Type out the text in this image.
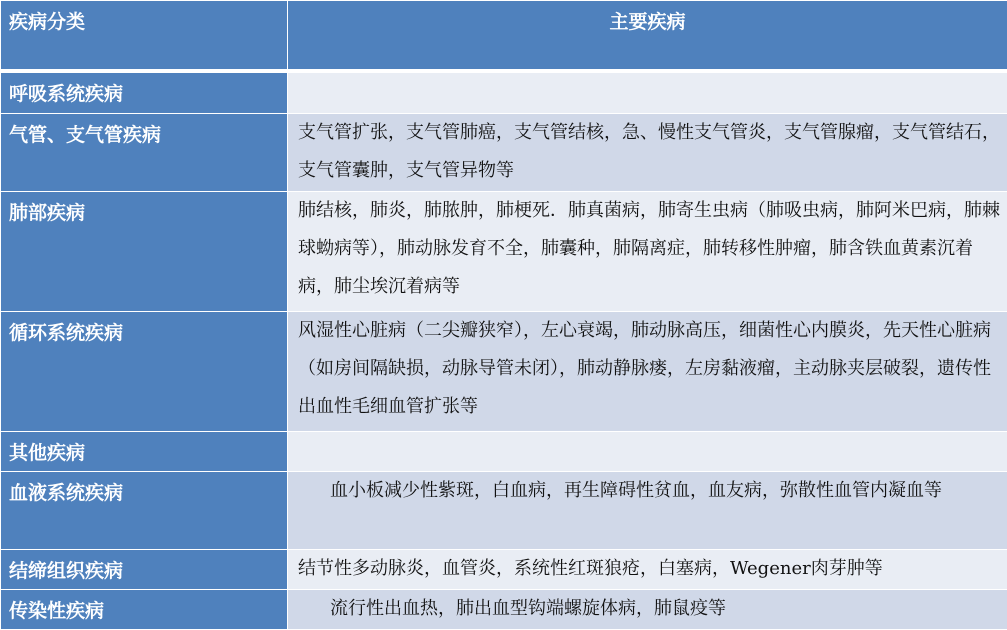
疾病分类	主要疾病

呼吸系统疾病	
气管、支气管疾病	支气管扩张，支气管肺癌，支气管结核，急、慢性支气管炎，支气管腺瘤，支气管结石，支气管囊肿，支气管异物等
肺部疾病	肺结核，肺炎，肺脓肿，肺梗死．肺真菌病，肺寄生虫病（肺吸虫病，肺阿米巴病，肺棘球蚴病等），肺动脉发育不全，肺囊种，肺隔离症，肺转移性肿瘤，肺含铁血黄素沉着病，肺尘埃沉着病等
循环系统疾病	风湿性心脏病（二尖瓣狭窄），左心衰竭，肺动脉高压，细菌性心内膜炎，先天性心脏病（如房间隔缺损，动脉导管未闭），肺动静脉瘘，左房黏液瘤，主动脉夹层破裂，遗传性出血性毛细血管扩张等
其他疾病	
血液系统疾病	血小板减少性紫斑，白血病，再生障碍性贫血，血友病，弥散性血管内凝血等
结缔组织疾病	结节性多动脉炎，血管炎，系统性红斑狼疮，白塞病，Wegener肉芽肿等
传染性疾病	流行性出血热，肺出血型钩端螺旋体病，肺鼠疫等
